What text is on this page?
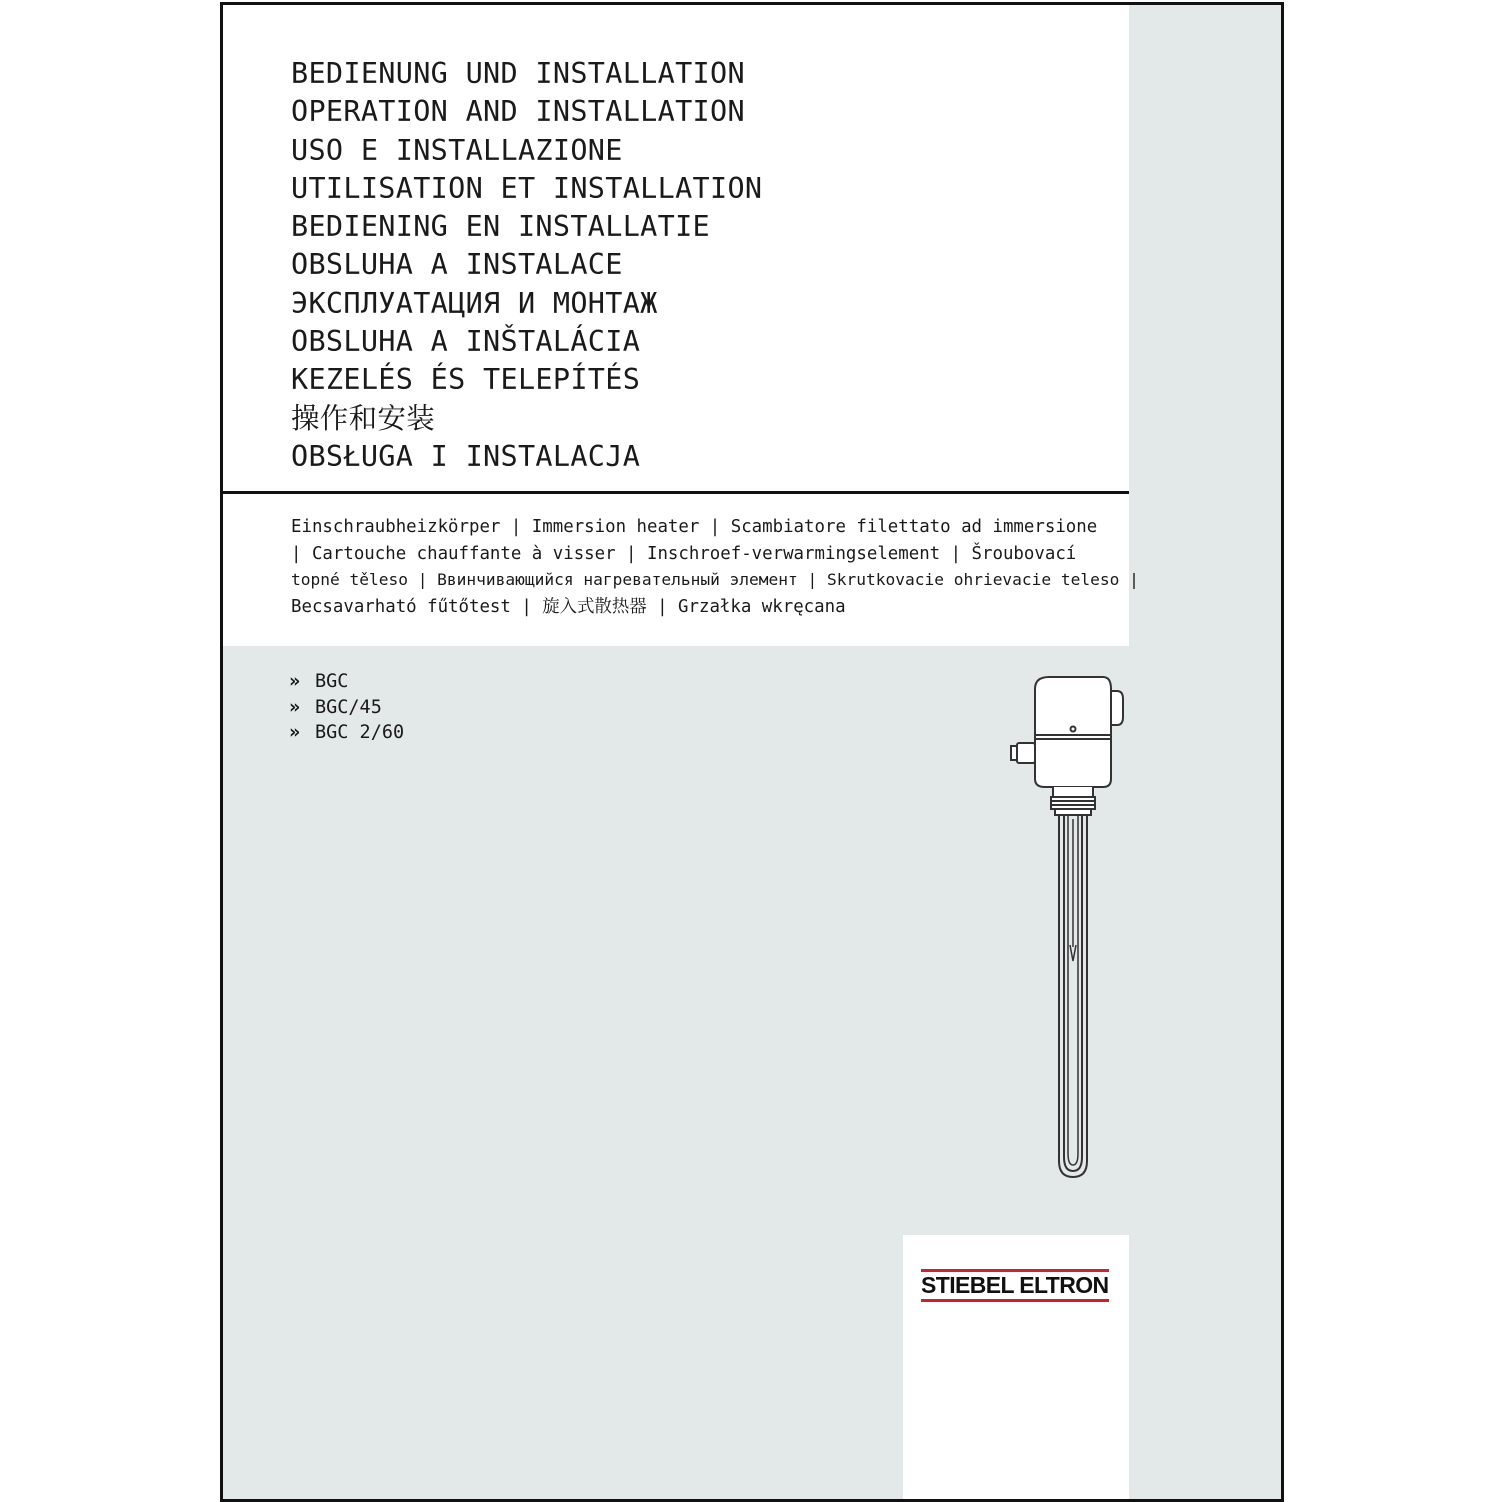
BEDIENUNG UND INSTALLATION
OPERATION AND INSTALLATION
USO E INSTALLAZIONE
UTILISATION ET INSTALLATION
BEDIENING EN INSTALLATIE
OBSLUHA A INSTALACE
ЭКСПЛУАТАЦИЯ И МОНТАЖ
OBSLUHA A INŠTALÁCIA
KEZELÉS ÉS TELEPÍTÉS
操作和安装
OBSŁUGA I INSTALACJA
Einschraubheizkörper | Immersion heater | Scambiatore filettato ad immersione
| Cartouche chauffante à visser | Inschroef-verwarmingselement | Šroubovací
topné těleso | Ввинчивающийся нагревательный элемент | Skrutkovacie ohrievacie teleso |
Becsavarható fűtőtest | 旋入式散热器 | Grzałka wkręcana
» BGC
» BGC/45
» BGC 2/60
STIEBEL ELTRON
